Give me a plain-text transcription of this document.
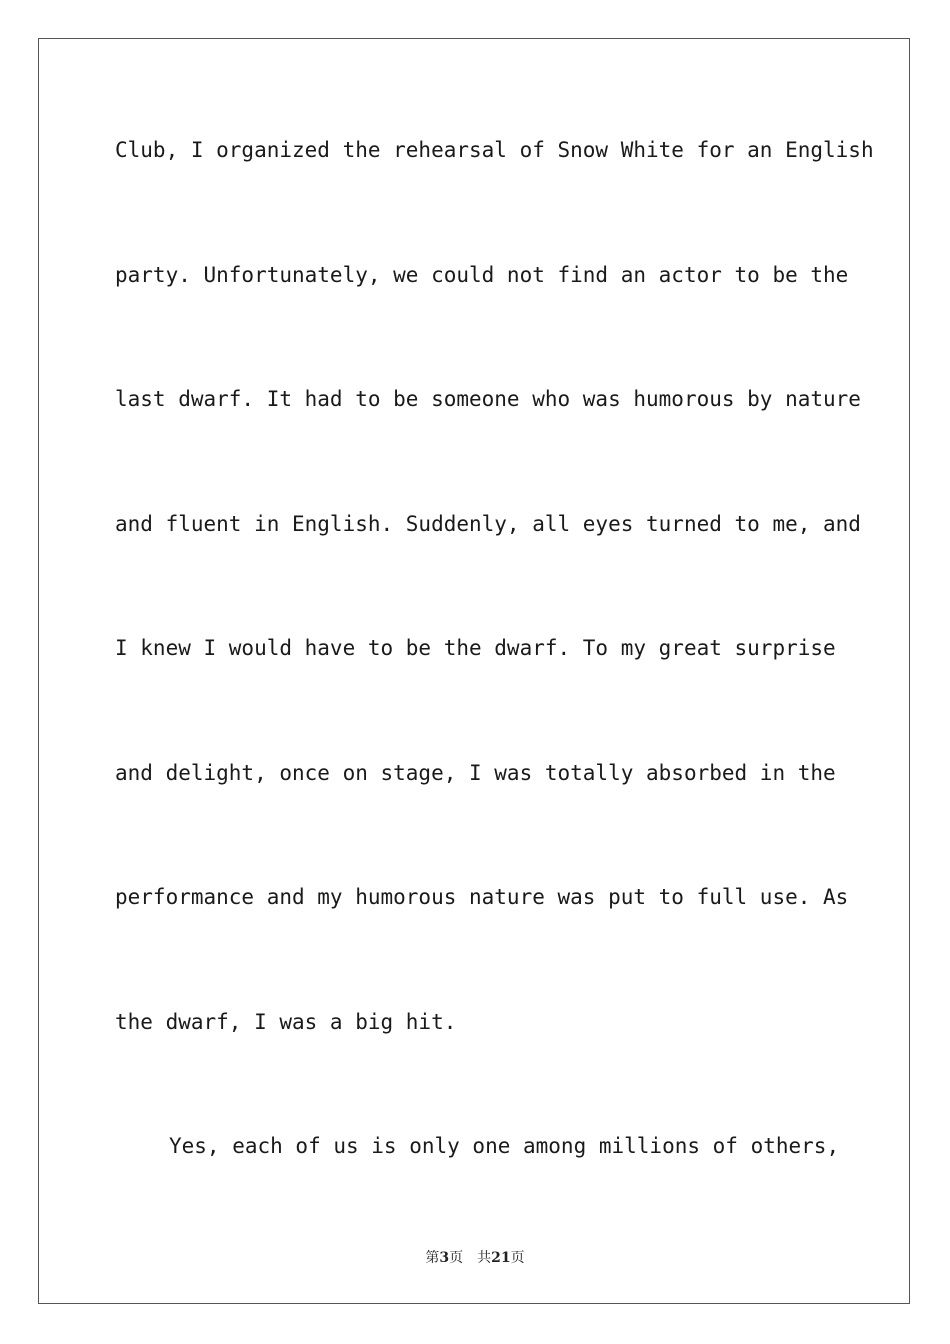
Club, I organized the rehearsal of Snow White for an English
party. Unfortunately, we could not find an actor to be the
last dwarf. It had to be someone who was humorous by nature
and fluent in English. Suddenly, all eyes turned to me, and
I knew I would have to be the dwarf. To my great surprise
and delight, once on stage, I was totally absorbed in the
performance and my humorous nature was put to full use. As
the dwarf, I was a big hit.
Yes, each of us is only one among millions of others,
第3页 共21页
